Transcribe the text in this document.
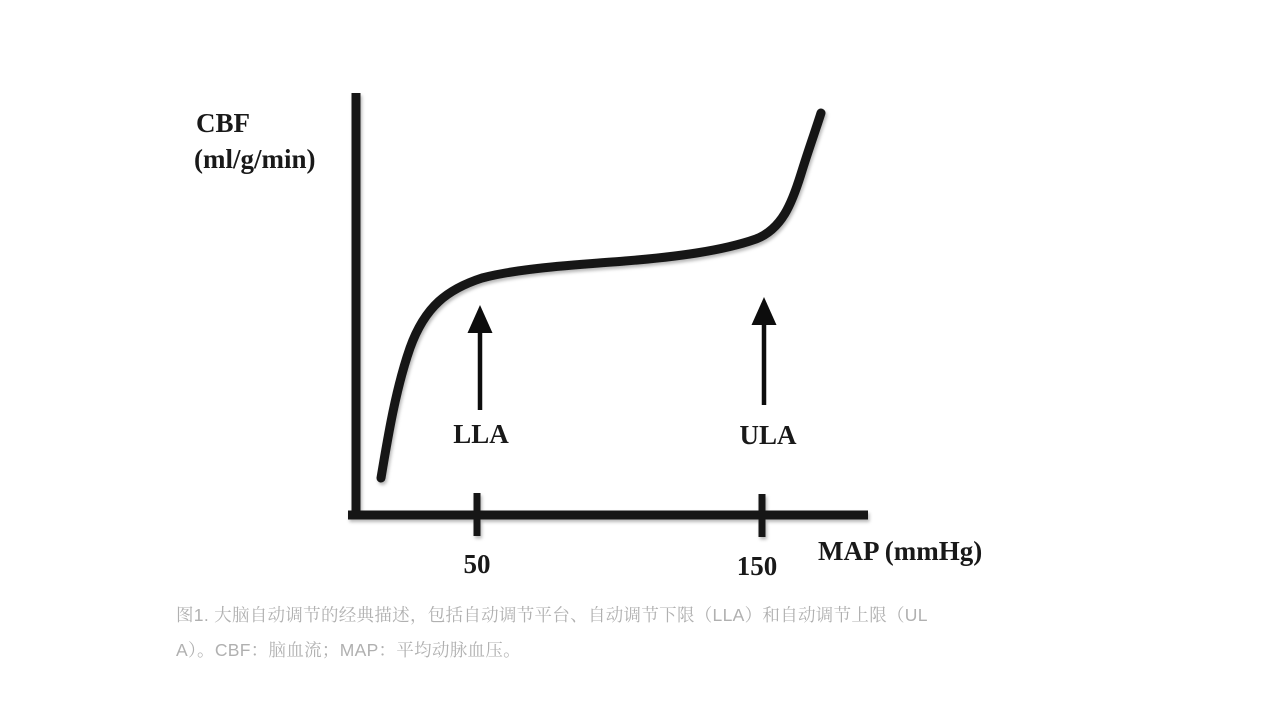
CBF
(ml/g/min)
LLA	ULA
50	150 MAP (mmHg)
图1. 大脑自动调节的经典描述，包括自动调节平台、自动调节下限（LLA）和自动调节上限（UL
A）。CBF：脑血流；MAP：平均动脉血压。
